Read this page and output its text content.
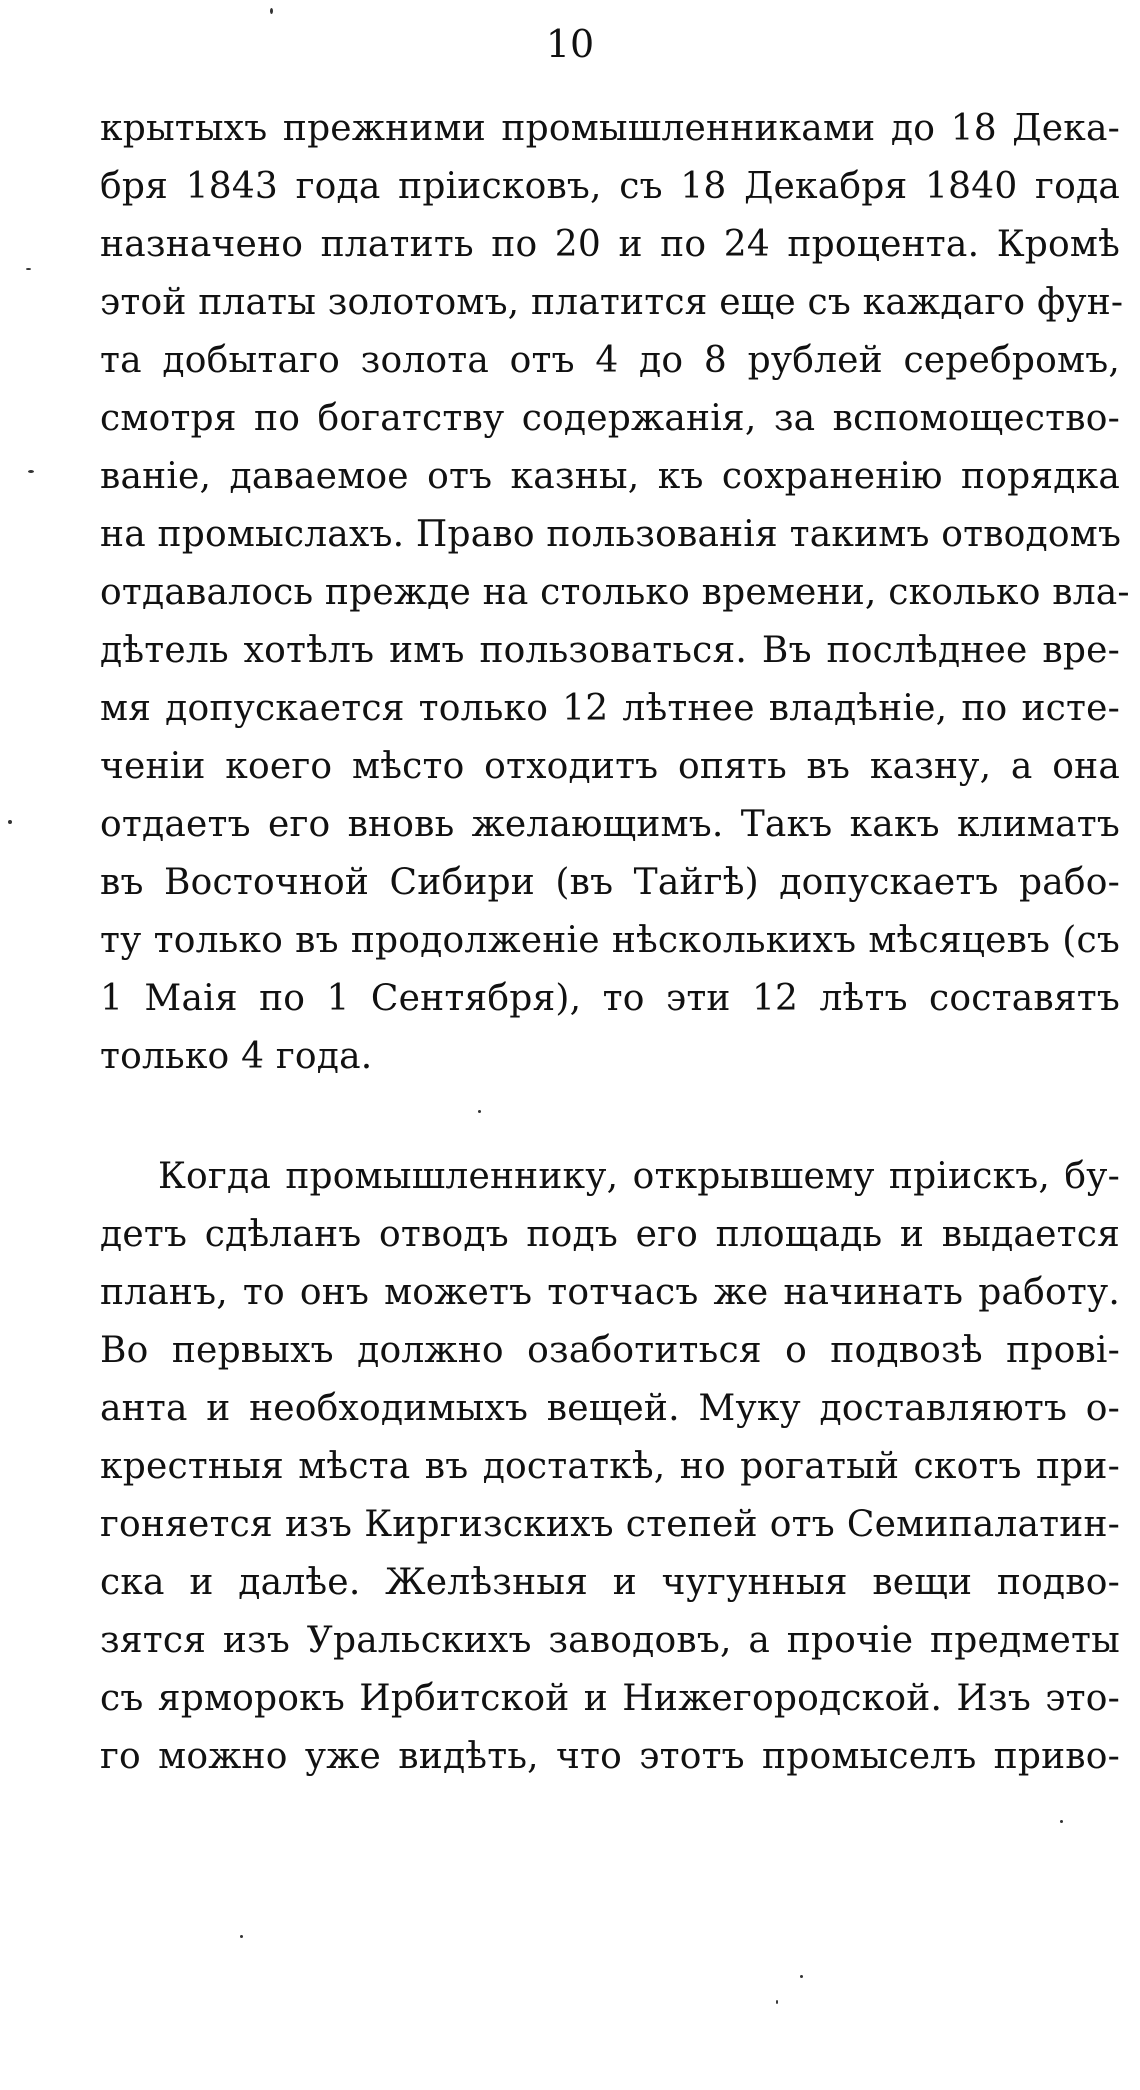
10
крытыхъ прежними промышленниками до 18 Дека-
бря 1843 года пріисковъ, съ 18 Декабря 1840 года
назначено платить по 20 и по 24 процента. Кромѣ
этой платы золотомъ, платится еще съ каждаго фун-
та добытаго золота отъ 4 до 8 рублей серебромъ,
смотря по богатству содержанія, за вспомоществo-
ваніе, даваемое отъ казны, къ сохраненію порядка
на промыслахъ. Право пользованія такимъ отводомъ
отдавалось прежде на столько времени, сколько вла-
дѣтель хотѣлъ имъ пользоваться. Въ послѣднее вре-
мя допускается только 12 лѣтнее владѣніе, по исте-
ченіи коего мѣсто отходитъ опять въ казну, а она
отдаетъ его вновь желающимъ. Такъ какъ климатъ
въ Восточной Сибири (въ Тайгѣ) допускаетъ рабо-
ту только въ продолженіе нѣсколькихъ мѣсяцевъ (съ
1 Маія по 1 Сентября), то эти 12 лѣтъ составятъ
только 4 года.
Когда промышленнику, открывшему пріискъ, бу-
детъ сдѣланъ отводъ подъ его площадь и выдается
планъ, то онъ можетъ тотчасъ же начинать работу.
Во первыхъ должно озаботиться о подвозѣ прові-
анта и необходимыхъ вещей. Муку доставляютъ о-
крестныя мѣста въ достаткѣ, но рогатый скотъ при-
гоняется изъ Киргизскихъ степей отъ Семипалатин-
ска и далѣе. Желѣзныя и чугунныя вещи подво-
зятся изъ Уральскихъ заводовъ, а прочіе предметы
съ ярморокъ Ирбитской и Нижегородской. Изъ это-
го можно уже видѣть, что этотъ промыселъ приво-
